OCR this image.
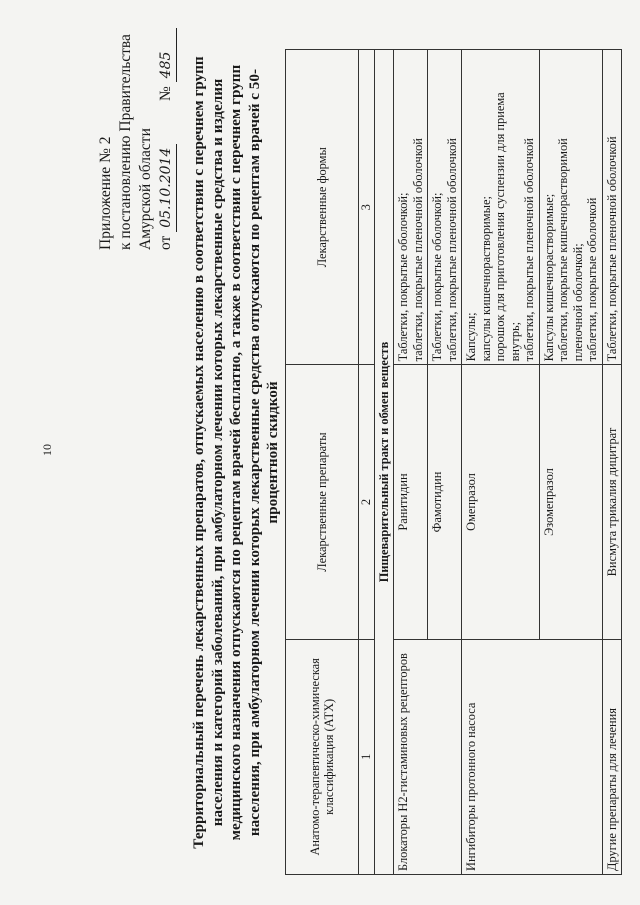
10
Приложение № 2 к постановлению Правительства Амурской области от 05.10.2014           № 485 Территориальный перечень лекарственных препаратов, отпускаемых населению в соответствии с перечнем групп населения и категорий заболеваний, при амбулаторном лечении которых лекарственные средства и изделия медицинского назначения отпускаются по рецептам врачей бесплатно, а также в соответствии с перечнем групп населения, при амбулаторном лечении которых лекарственные средства отпускаются по рецептам врачей с 50-процентной скидкой
Анатомо-терапевтическо-химическая классификация (АТХ)	Лекарственные препараты	Лекарственные формы
1	2	3
Пищеварительный тракт и обмен веществ		
Блокаторы Н2-гистаминовых рецепторов	Ранитидин	Таблетки, покрытые оболочкой; таблетки, покрытые пленочной оболочкой

	Фамотидин	Таблетки, покрытые оболочкой; таблетки, покрытые пленочной оболочкой

Ингибиторы протонного насоса	Омепразол	Капсулы; капсулы кишечнорастворимые; порошок для приготовления суспензии для приема внутрь; таблетки, покрытые пленочной оболочкой

	Эзомепразол	Капсулы кишечнорастворимые; таблетки, покрытые кишечнорастворимой пленочной оболочкой; таблетки, покрытые оболочкой

Другие препараты для лечения	Висмута трикалия дицитрат	Таблетки, покрытые пленочной оболочкой
